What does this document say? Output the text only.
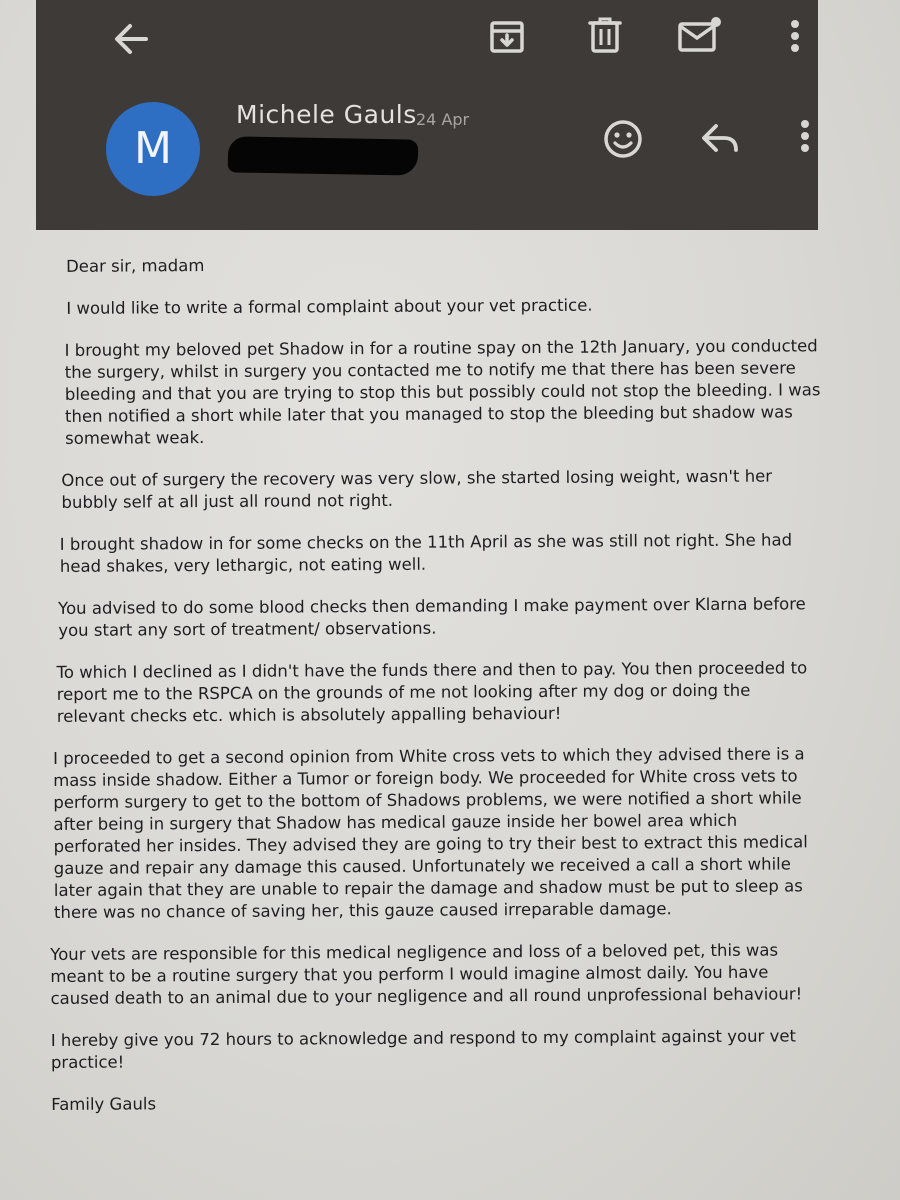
M
Michele Gauls 24 Apr

Dear sir, madam

I would like to write a formal complaint about your vet practice.

I brought my beloved pet Shadow in for a routine spay on the 12th January, you conducted
the surgery, whilst in surgery you contacted me to notify me that there has been severe
bleeding and that you are trying to stop this but possibly could not stop the bleeding. I was
then notified a short while later that you managed to stop the bleeding but shadow was
somewhat weak.

Once out of surgery the recovery was very slow, she started losing weight, wasn't her
bubbly self at all just all round not right.

I brought shadow in for some checks on the 11th April as she was still not right. She had
head shakes, very lethargic, not eating well.

You advised to do some blood checks then demanding I make payment over Klarna before
you start any sort of treatment/ observations.

To which I declined as I didn't have the funds there and then to pay. You then proceeded to
report me to the RSPCA on the grounds of me not looking after my dog or doing the
relevant checks etc. which is absolutely appalling behaviour!

I proceeded to get a second opinion from White cross vets to which they advised there is a
mass inside shadow. Either a Tumor or foreign body. We proceeded for White cross vets to
perform surgery to get to the bottom of Shadows problems, we were notified a short while
after being in surgery that Shadow has medical gauze inside her bowel area which
perforated her insides. They advised they are going to try their best to extract this medical
gauze and repair any damage this caused. Unfortunately we received a call a short while
later again that they are unable to repair the damage and shadow must be put to sleep as
there was no chance of saving her, this gauze caused irreparable damage.

Your vets are responsible for this medical negligence and loss of a beloved pet, this was
meant to be a routine surgery that you perform I would imagine almost daily. You have
caused death to an animal due to your negligence and all round unprofessional behaviour!

I hereby give you 72 hours to acknowledge and respond to my complaint against your vet
practice!

Family Gauls
